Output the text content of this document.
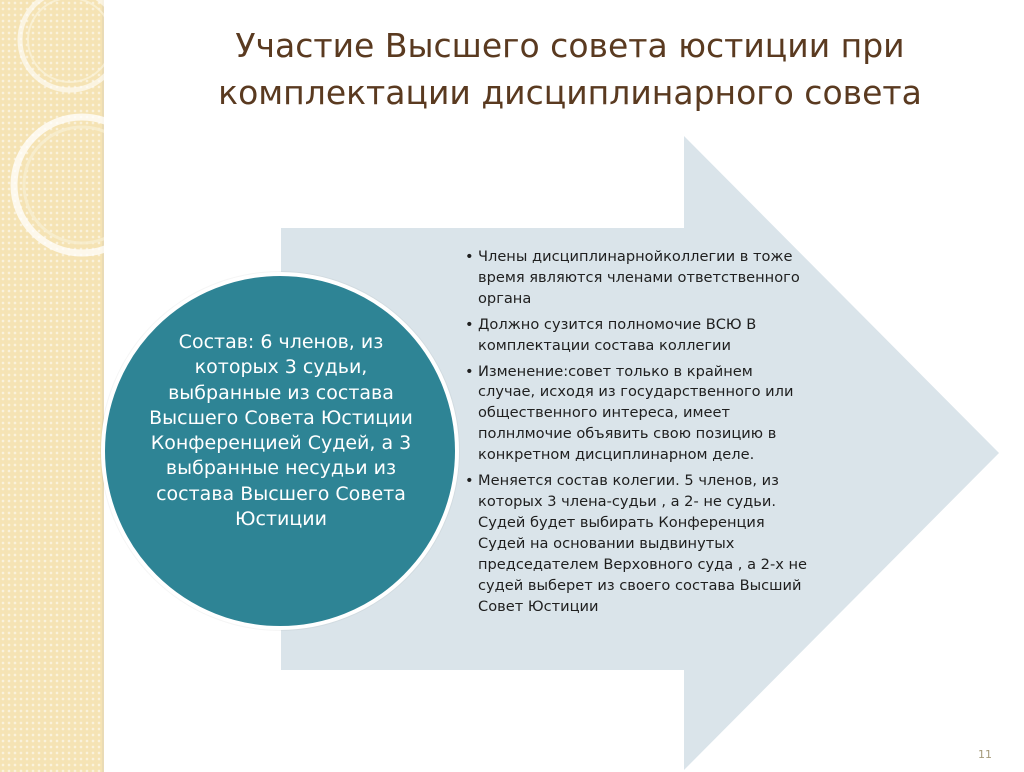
Участие Высшего совета юстиции при
комплектации дисциплинарного совета

Состав: 6 членов, из которых 3 судьи, выбранные из состава Высшего Совета Юстиции Конференцией Судей, а 3 выбранные несудьи из состава Высшего Совета Юстиции

• Члены дисциплинарнойколлегии в тоже время являются членами ответственного органа
• Должно сузится полномочие ВСЮ В комплектации состава коллегии
• Изменение:совет только в крайнем случае, исходя из государственного или общественного интереса, имеет полнлмочие объявить свою позицию в конкретном дисциплинарном деле.
• Меняется состав колегии. 5 членов, из которых 3 члена-судьи , а 2- не судьи. Судей будет выбирать Конференция Судей на основании выдвинутых председателем Верховного суда , а 2-х не судей выберет из своего состава Высший Совет Юстиции
11
